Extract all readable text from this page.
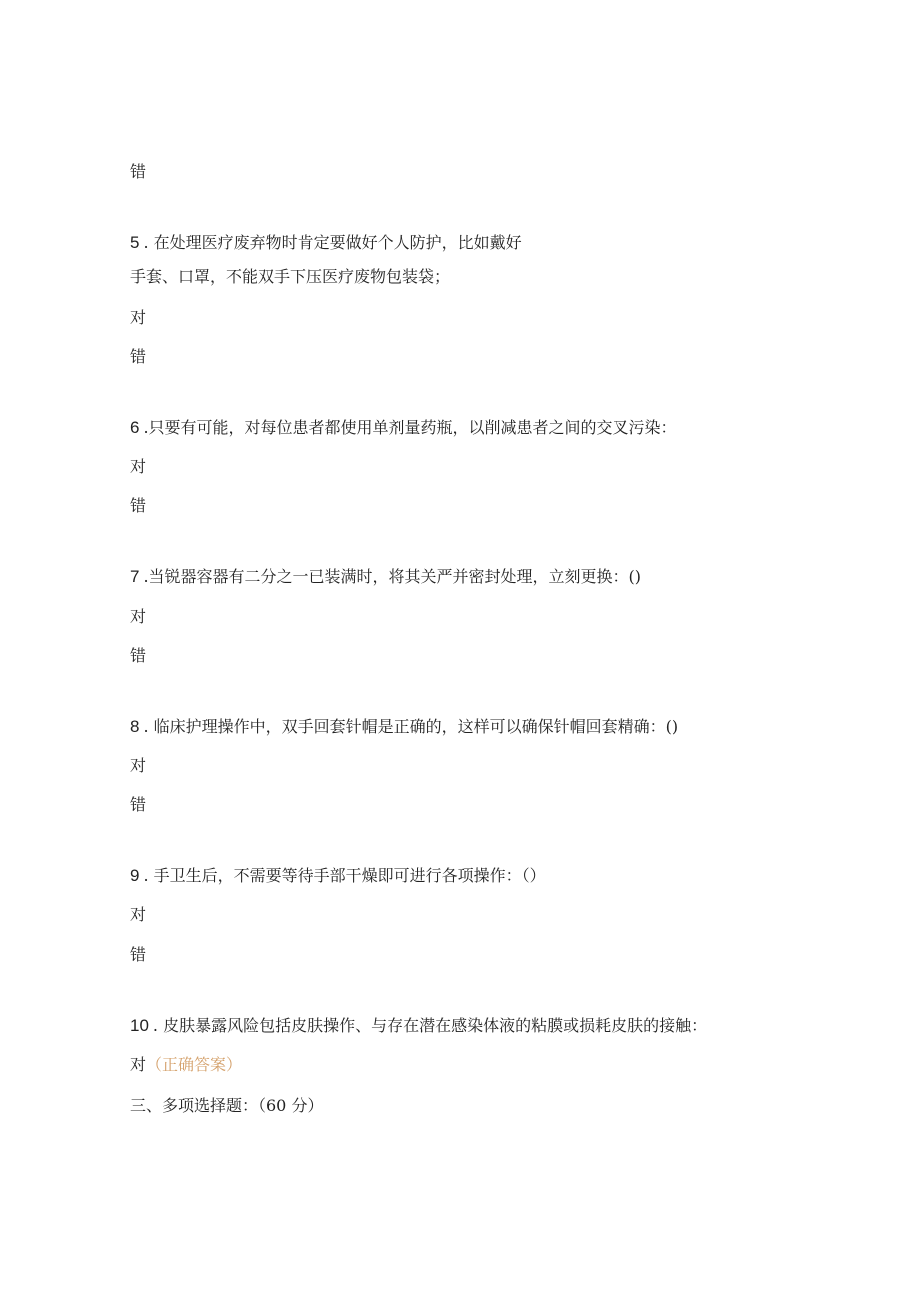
错
5 . 在处理医疗废弃物时肯定要做好个人防护，比如戴好
手套、口罩，不能双手下压医疗废物包装袋；
对
错
6 .只要有可能，对每位患者都使用单剂量药瓶，以削减患者之间的交叉污染：
对
错
7 .当锐器容器有二分之一已装满时，将其关严并密封处理，立刻更换：()
对
错
8 . 临床护理操作中，双手回套针帽是正确的，这样可以确保针帽回套精确：()
对
错
9 . 手卫生后，不需要等待手部干燥即可进行各项操作：（）
对
错
10 . 皮肤暴露风险包括皮肤操作、与存在潜在感染体液的粘膜或损耗皮肤的接触：
对（正确答案）
三、多项选择题：（60 分）
